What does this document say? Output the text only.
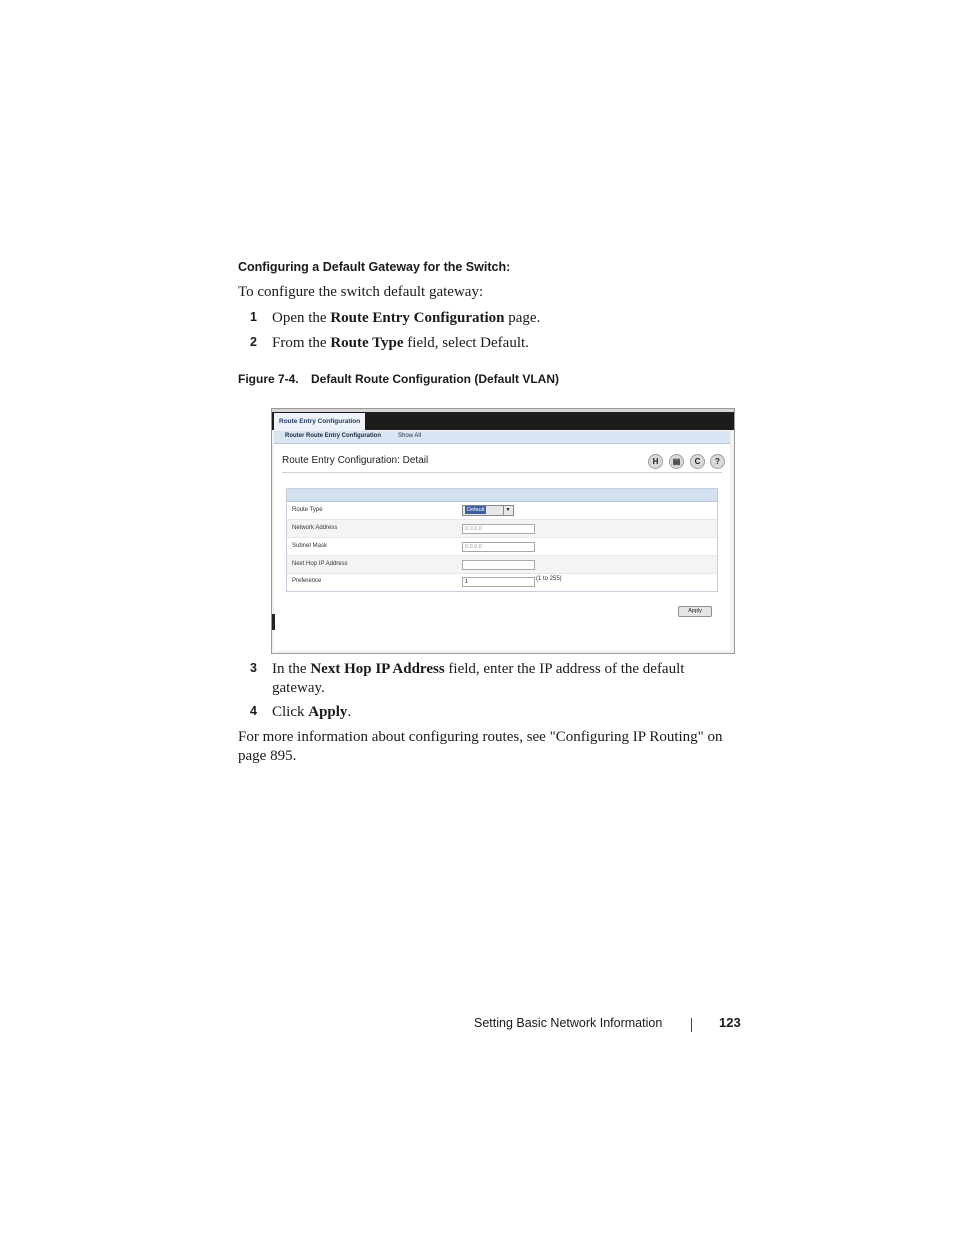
Configuring a Default Gateway for the Switch:
To configure the switch default gateway:
1 Open the Route Entry Configuration page.
2 From the Route Type field, select Default.
Figure 7-4. Default Route Configuration (Default VLAN)
Route Entry Configuration
Router Route Entry Configuration	Show All
Route Entry Configuration: Detail	H	▤	C	?
Route Type	Default	▼
Network Address	0.0.0.0
Subnet Mask	0.0.0.0
Next Hop IP Address
Preference	1	(1 to 255)
Apply
3 In the Next Hop IP Address field, enter the IP address of the default gateway.
4 Click Apply.
For more information about configuring routes, see "Configuring IP Routing" on page 895.
Setting Basic Network Information	123
